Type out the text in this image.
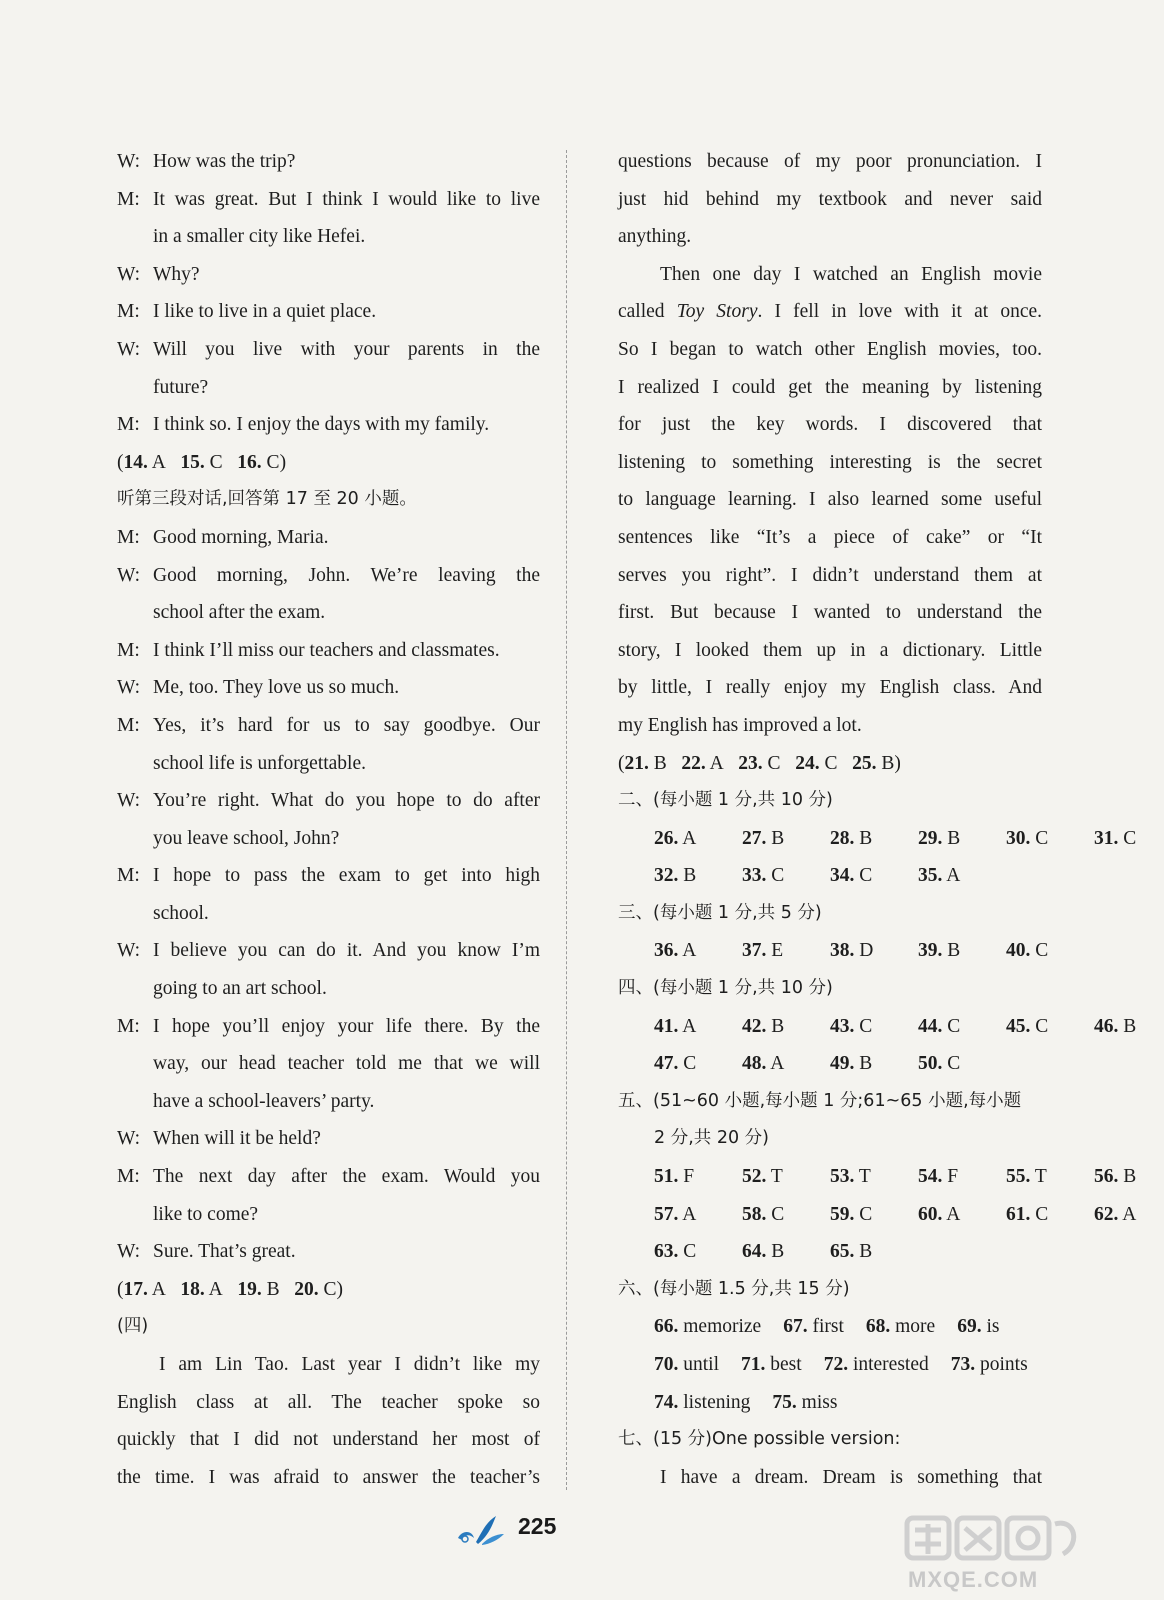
W: How was the trip?
M: It was great. But I think I would like to live
in a smaller city like Hefei.
W: Why?
M: I like to live in a quiet place.
W: Will you live with your parents in the
future?
M: I think so. I enjoy the days with my family.
(14. A 15. C 16. C)
听第三段对话,回答第 17 至 20 小题。
M: Good morning, Maria.
W: Good morning, John. We’re leaving the
school after the exam.
M: I think I’ll miss our teachers and classmates.
W: Me, too. They love us so much.
M: Yes, it’s hard for us to say goodbye. Our
school life is unforgettable.
W: You’re right. What do you hope to do after
you leave school, John?
M: I hope to pass the exam to get into high
school.
W: I believe you can do it. And you know I’m
going to an art school.
M: I hope you’ll enjoy your life there. By the
way, our head teacher told me that we will
have a school-leavers’ party.
W: When will it be held?
M: The next day after the exam. Would you
like to come?
W: Sure. That’s great.
(17. A 18. A 19. B 20. C)
(四)
I am Lin Tao. Last year I didn’t like my
English class at all. The teacher spoke so
quickly that I did not understand her most of
the time. I was afraid to answer the teacher’s
questions because of my poor pronunciation. I
just hid behind my textbook and never said
anything.
Then one day I watched an English movie
called Toy Story. I fell in love with it at once.
So I began to watch other English movies, too.
I realized I could get the meaning by listening
for just the key words. I discovered that
listening to something interesting is the secret
to language learning. I also learned some useful
sentences like “It’s a piece of cake” or “It
serves you right”. I didn’t understand them at
first. But because I wanted to understand the
story, I looked them up in a dictionary. Little
by little, I really enjoy my English class. And
my English has improved a lot.
(21. B 22. A 23. C 24. C 25. B)
二、(每小题 1 分,共 10 分)
26. A	27. B	28. B	29. B	30. C	31. C
32. B	33. C	34. C	35. A
三、(每小题 1 分,共 5 分)
36. A	37. E	38. D	39. B	40. C
四、(每小题 1 分,共 10 分)
41. A	42. B	43. C	44. C	45. C	46. B
47. C	48. A	49. B	50. C
五、(51~60 小题,每小题 1 分;61~65 小题,每小题
2 分,共 20 分)
51. F	52. T	53. T	54. F	55. T	56. B
57. A	58. C	59. C	60. A	61. C	62. A
63. C	64. B	65. B
六、(每小题 1.5 分,共 15 分)
66. memorize 67. first 68. more 69. is
70. until 71. best 72. interested 73. points
74. listening 75. miss
七、(15 分)One possible version:
I have a dream. Dream is something that
225
MXQE.COM
